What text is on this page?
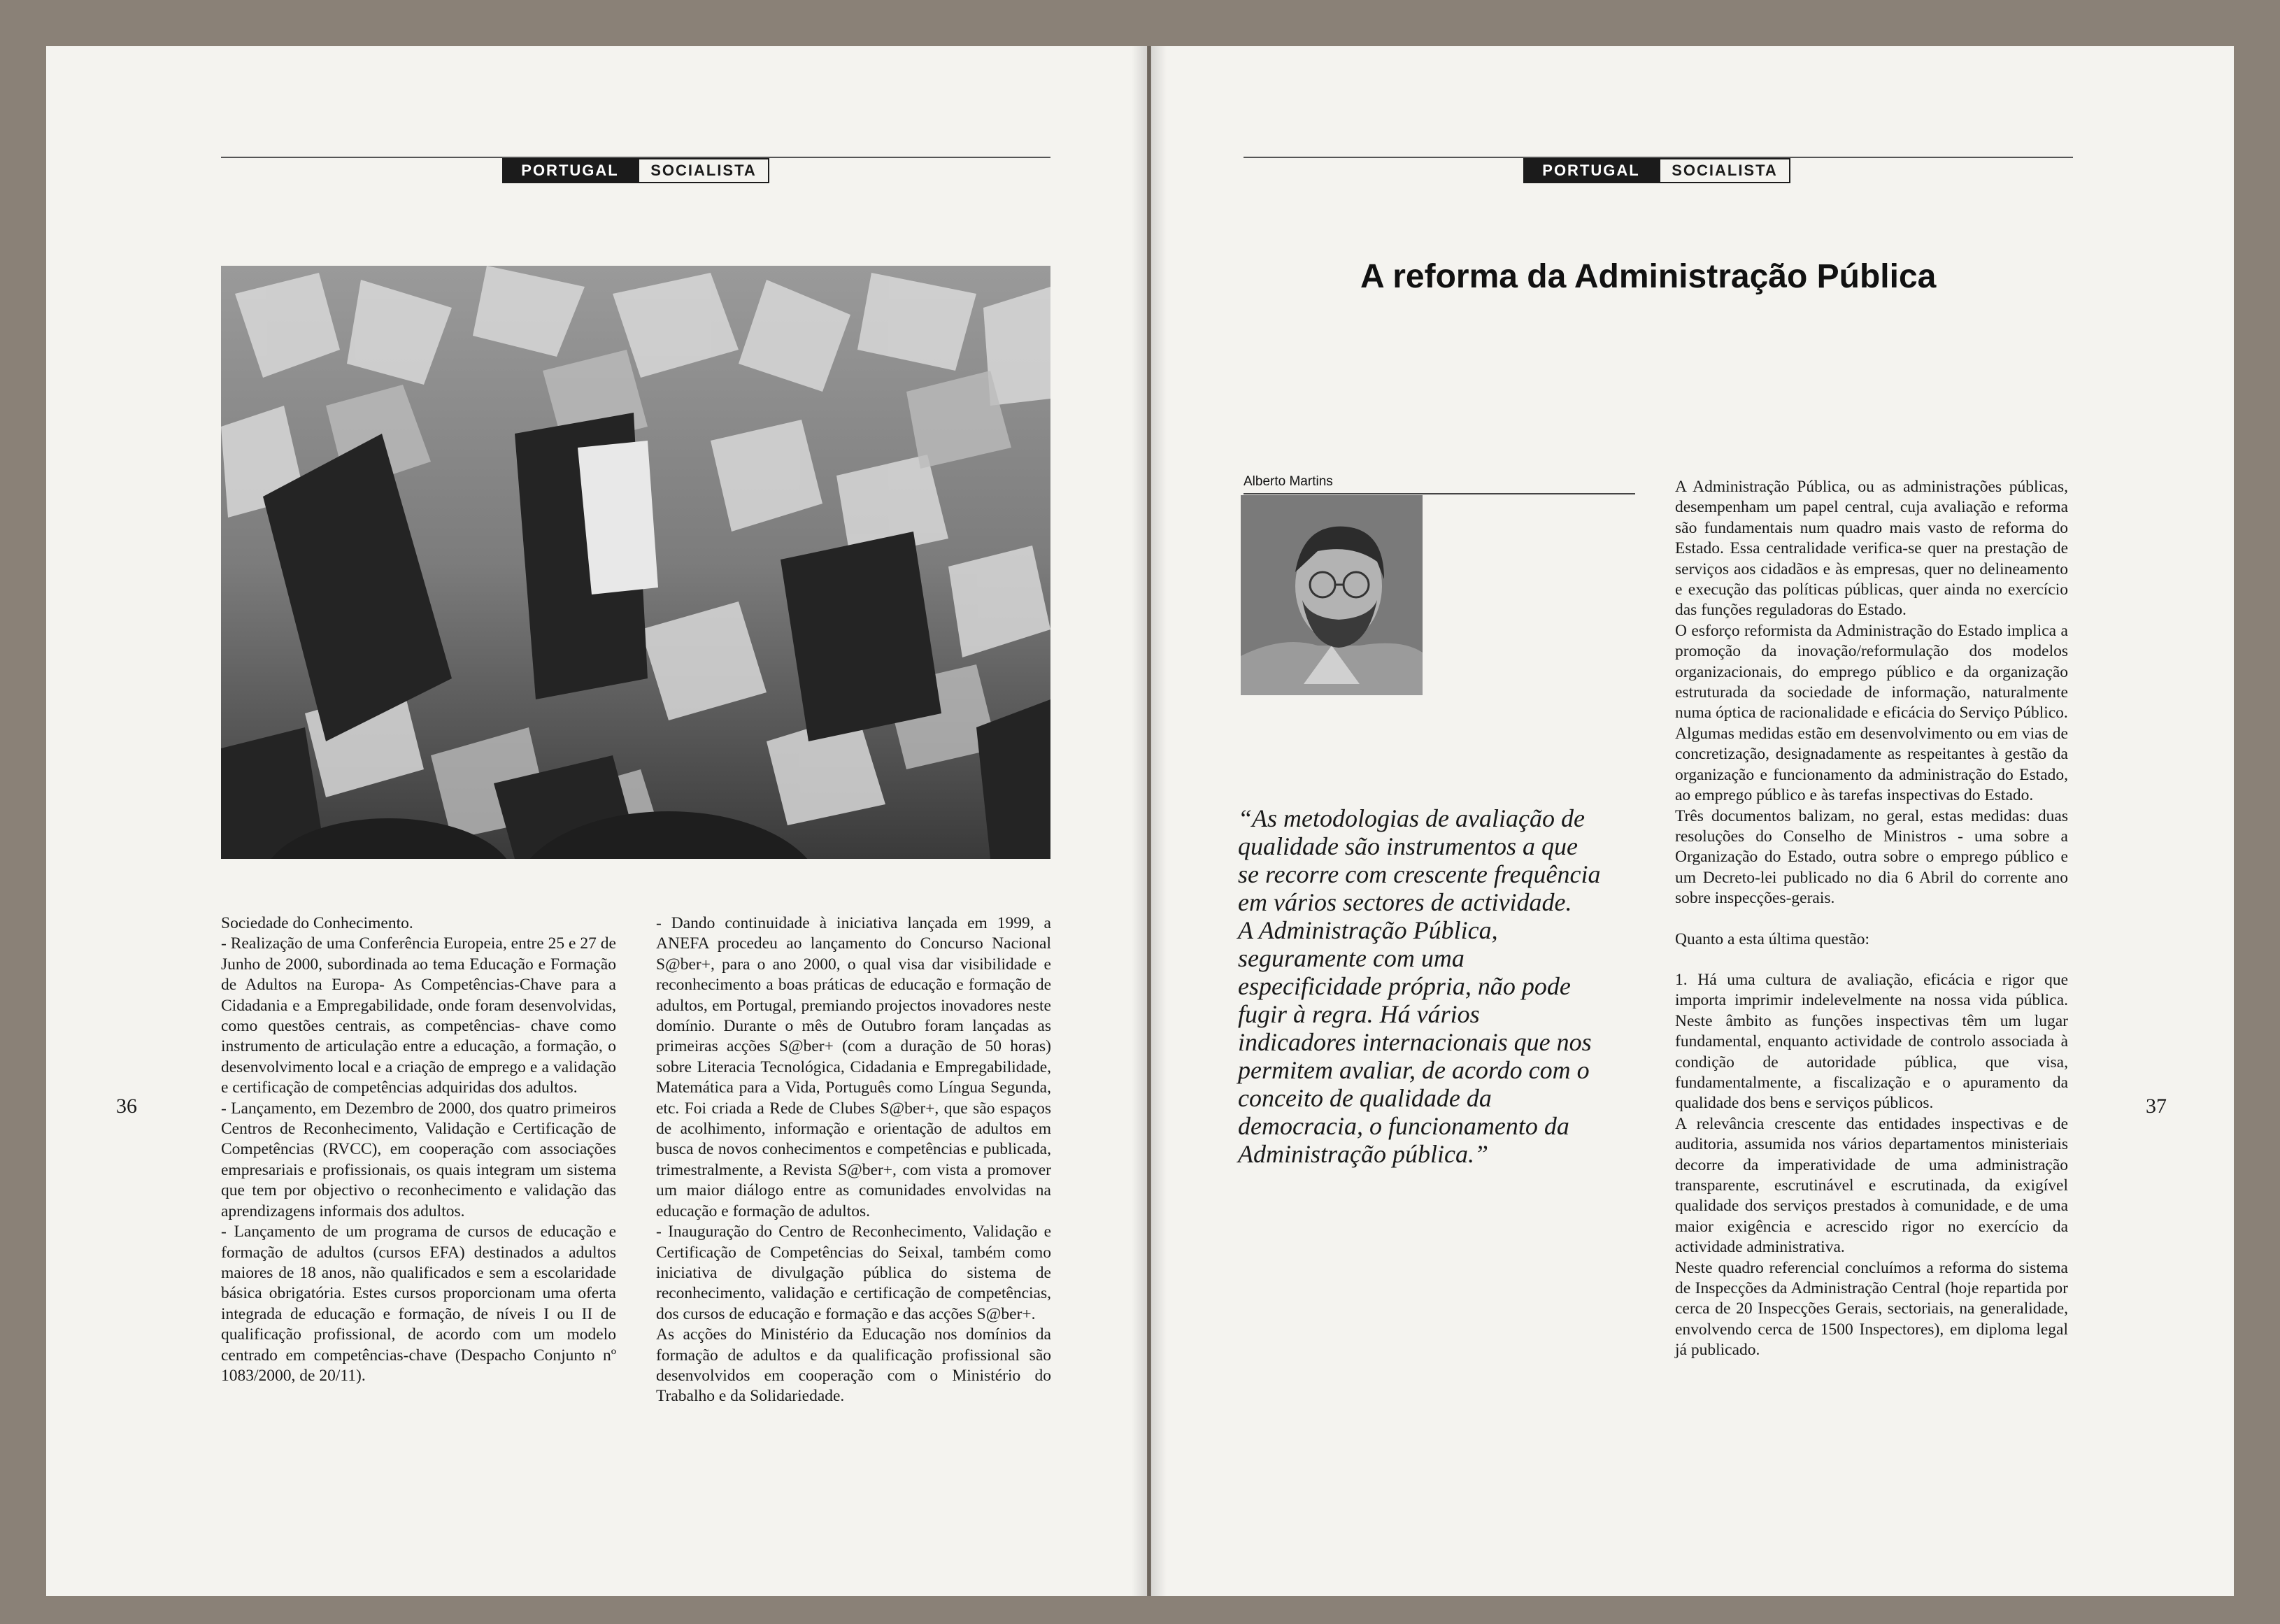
PORTUGAL	SOCIALISTA

Sociedade do Conhecimento.

- Realização de uma Conferência Europeia, entre 25 e 27 de Junho de 2000, subordinada ao tema Educação e Formação de Adultos na Europa- As Competências-Chave para a Cidadania e a Empregabilidade, onde foram desenvolvidas, como questões centrais, as competências- chave como instrumento de articulação entre a educação, a formação, o desenvolvimento local e a criação de emprego e a validação e certificação de competências adquiridas dos adultos.

- Lançamento, em Dezembro de 2000, dos quatro primeiros Centros de Reconhecimento, Validação e Certificação de Competências (RVCC), em cooperação com associações empresariais e profissionais, os quais integram um sistema que tem por objectivo o reconhecimento e validação das aprendizagens informais dos adultos.

- Lançamento de um programa de cursos de educação e formação de adultos (cursos EFA) destinados a adultos maiores de 18 anos, não qualificados e sem a escolaridade básica obrigatória. Estes cursos proporcionam uma oferta integrada de educação e formação, de níveis I ou II de qualificação profissional, de acordo com um modelo centrado em competências-chave (Despacho Conjunto nº 1083/2000, de 20/11).

- Dando continuidade à iniciativa lançada em 1999, a ANEFA procedeu ao lançamento do Concurso Nacional S@ber+, para o ano 2000, o qual visa dar visibilidade e reconhecimento a boas práticas de educação e formação de adultos, em Portugal, premiando projectos inovadores neste domínio. Durante o mês de Outubro foram lançadas as primeiras acções S@ber+ (com a duração de 50 horas) sobre Literacia Tecnológica, Cidadania e Empregabilidade, Matemática para a Vida, Português como Língua Segunda, etc. Foi criada a Rede de Clubes S@ber+, que são espaços de acolhimento, informação e orientação de adultos em busca de novos conhecimentos e competências e publicada, trimestralmente, a Revista S@ber+, com vista a promover um maior diálogo entre as comunidades envolvidas na educação e formação de adultos.

- Inauguração do Centro de Reconhecimento, Validação e Certificação de Competências do Seixal, também como iniciativa de divulgação pública do sistema de reconhecimento, validação e certificação de competências, dos cursos de educação e formação e das acções S@ber+.

As acções do Ministério da Educação nos domínios da formação de adultos e da qualificação profissional são desenvolvidos em cooperação com o Ministério do Trabalho e da Solidariedade.

36
PORTUGAL	SOCIALISTA
A reforma da Administração Pública
Alberto Martins

“As metodologias de avaliação de qualidade são instrumentos a que se recorre com crescente frequência em vários sectores de actividade.

A Administração Pública, seguramente com uma especificidade própria, não pode fugir à regra. Há vários indicadores internacionais que nos permitem avaliar, de acordo com o conceito de qualidade da democracia, o funcionamento da Administração pública.”

A Administração Pública, ou as administrações públicas, desempenham um papel central, cuja avaliação e reforma são fundamentais num quadro mais vasto de reforma do Estado. Essa centralidade verifica-se quer na prestação de serviços aos cidadãos e às empresas, quer no delineamento e execução das políticas públicas, quer ainda no exercício das funções reguladoras do Estado.

O esforço reformista da Administração do Estado implica a promoção da inovação/reformulação dos modelos organizacionais, do emprego público e da organização estruturada da sociedade de informação, naturalmente numa óptica de racionalidade e eficácia do Serviço Público.

Algumas medidas estão em desenvolvimento ou em vias de concretização, designadamente as respeitantes à gestão da organização e funcionamento da administração do Estado, ao emprego público e às tarefas inspectivas do Estado.

Três documentos balizam, no geral, estas medidas: duas resoluções do Conselho de Ministros - uma sobre a Organização do Estado, outra sobre o emprego público e um Decreto-lei publicado no dia 6 Abril do corrente ano sobre inspecções-gerais.

Quanto a esta última questão:

1. Há uma cultura de avaliação, eficácia e rigor que importa imprimir indelevelmente na nossa vida pública. Neste âmbito as funções inspectivas têm um lugar fundamental, enquanto actividade de controlo associada à condição de autoridade pública, que visa, fundamentalmente, a fiscalização e o apuramento da qualidade dos bens e serviços públicos.

A relevância crescente das entidades inspectivas e de auditoria, assumida nos vários departamentos ministeriais decorre da imperatividade de uma administração transparente, escrutinável e escrutinada, da exigível qualidade dos serviços prestados à comunidade, e de uma maior exigência e acrescido rigor no exercício da actividade administrativa.

Neste quadro referencial concluímos a reforma do sistema de Inspecções da Administração Central (hoje repartida por cerca de 20 Inspecções Gerais, sectoriais, na generalidade, envolvendo cerca de 1500 Inspectores), em diploma legal já publicado.

37
